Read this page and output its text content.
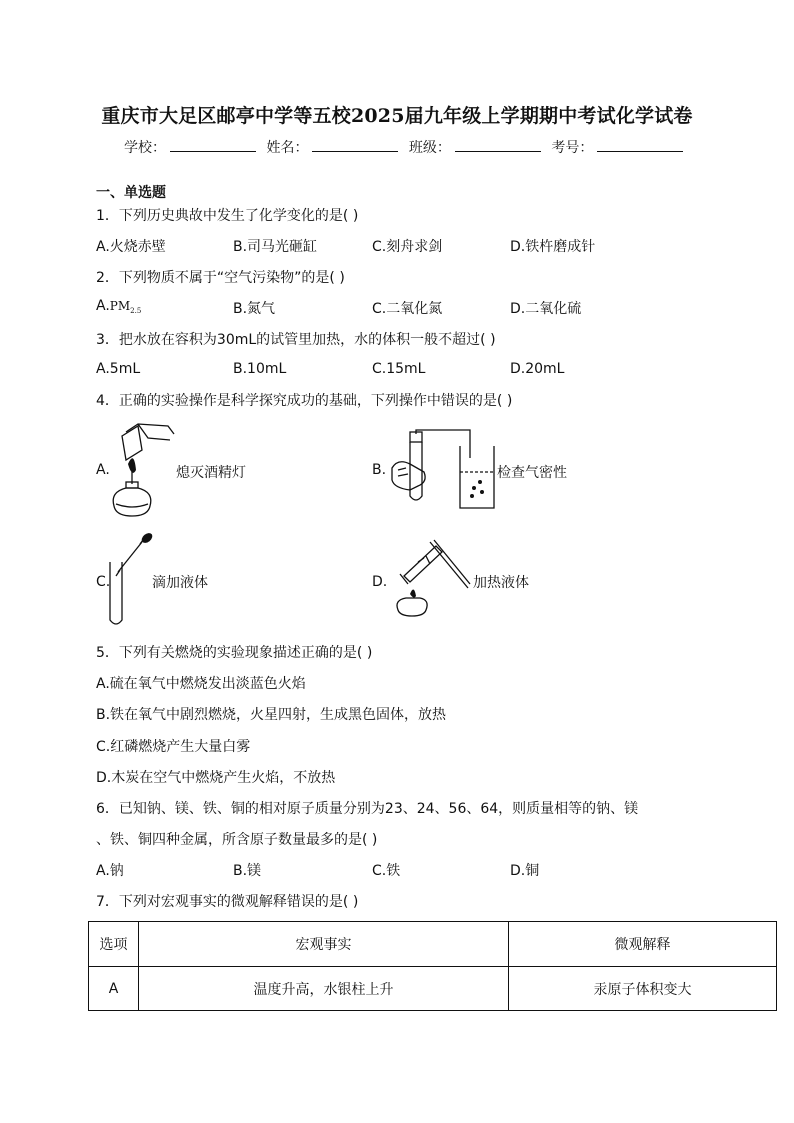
重庆市大足区邮亭中学等五校2025届九年级上学期期中考试化学试卷
学校：	姓名：	班级：	考号：
一、单选题
1．下列历史典故中发生了化学变化的是( )
A.火烧赤壁	B.司马光砸缸	C.刻舟求剑	D.铁杵磨成针
2．下列物质不属于“空气污染物”的是( )
$A.PM_{2.5}$	B.氮气	C.二氧化氮	D.二氧化硫
3．把水放在容积为30mL的试管里加热，水的体积一般不超过( )
A.5mL	B.10mL	C.15mL	D.20mL
4．正确的实验操作是科学探究成功的基础，下列操作中错误的是( )
A.	熄灭酒精灯	B.	检查气密性
C.	滴加液体	D.	加热液体
5．下列有关燃烧的实验现象描述正确的是( )
A.硫在氧气中燃烧发出淡蓝色火焰
B.铁在氧气中剧烈燃烧，火星四射，生成黑色固体，放热
C.红磷燃烧产生大量白雾
D.木炭在空气中燃烧产生火焰，不放热
6．已知钠、镁、铁、铜的相对原子质量分别为23、24、56、64，则质量相等的钠、镁
、铁、铜四种金属，所含原子数量最多的是( )
A.钠	B.镁	C.铁	D.铜
7．下列对宏观事实的微观解释错误的是( )
选项	宏观事实	微观解释
A	温度升高，水银柱上升	汞原子体积变大
